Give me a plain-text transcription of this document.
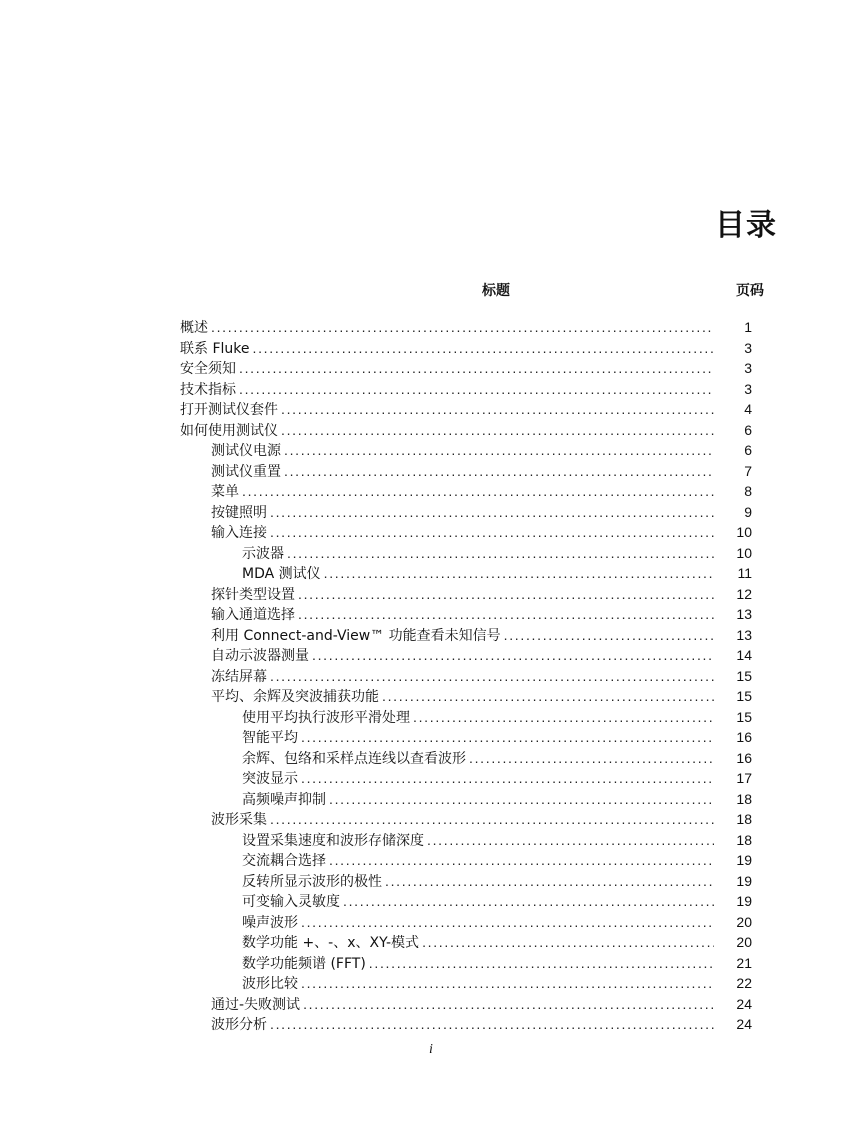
目录
标题	页码
概述 . . .	1
联系 Fluke . . .	3
安全须知 . . .	3
技术指标 . . .	3
打开测试仪套件 . . .	4
如何使用测试仪 . . .	6
测试仪电源 . . .	6
测试仪重置 . . .	7
菜单 . . .	8
按键照明 . . .	9
输入连接 . . .	10
示波器 . . .	10
MDA 测试仪 . . .	11
探针类型设置 . . .	12
输入通道选择 . . .	13
利用 Connect-and-View™ 功能查看未知信号 . . .	13
自动示波器测量 . . .	14
冻结屏幕 . . .	15
平均、余辉及突波捕获功能 . . .	15
使用平均执行波形平滑处理 . . .	15
智能平均 . . .	16
余辉、包络和采样点连线以查看波形 . . .	16
突波显示 . . .	17
高频噪声抑制 . . .	18
波形采集 . . .	18
设置采集速度和波形存储深度 . . .	18
交流耦合选择 . . .	19
反转所显示波形的极性 . . .	19
可变输入灵敏度 . . .	19
噪声波形 . . .	20
数学功能 +、-、x、XY-模式 . . .	20
数学功能频谱 (FFT) . . .	21
波形比较 . . .	22
通过-失败测试 . . .	24
波形分析 . . .	24
i
